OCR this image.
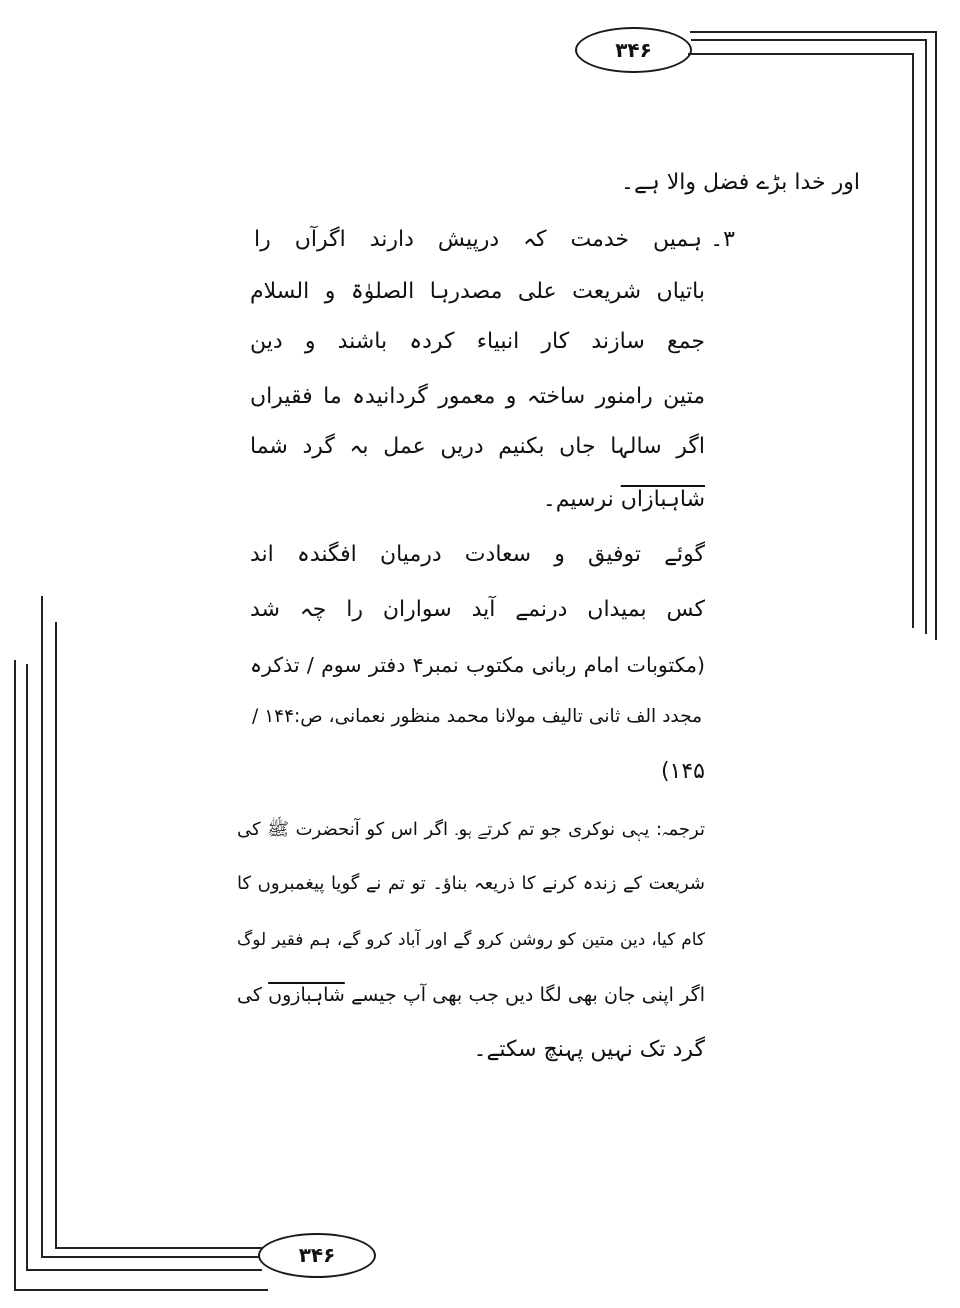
۳۴۶
۳۴۶
اور خدا بڑے فضل والا ہے۔
۳۔
ہمیں خدمت کہ درپیش دارند اگرآں را
باتیاں شریعت علی مصدرہا الصلوٰۃ و السلام
جمع سازند کار انبیاء کردہ باشند و دین
متین رامنور ساختہ و معمور گردانیدہ ما فقیراں
اگر سالہا جاں بکنیم دریں عمل بہ گرد شما
شاہبازاں نرسیم۔
گوئے توفیق و سعادت درمیان افگندہ اند
کس بمیداں درنمے آید سواران را چہ شد
(مکتوبات امام ربانی مکتوب نمبر۴ دفتر سوم / تذکرہ
مجدد الف ثانی تالیف مولانا محمد منظور نعمانی، ص:۱۴۴ /
۱۴۵)
ترجمہ: یہی نوکری جو تم کرتے ہو۔ اگر اس کو آنحضرت ﷺ کی
شریعت کے زندہ کرنے کا ذریعہ بناؤ۔ تو تم نے گویا پیغمبروں کا
کام کیا، دین متین کو روشن کرو گے اور آباد کرو گے، ہم فقیر لوگ
اگر اپنی جان بھی لگا دیں جب بھی آپ جیسے شاہبازوں کی
گرد تک نہیں پہنچ سکتے۔
